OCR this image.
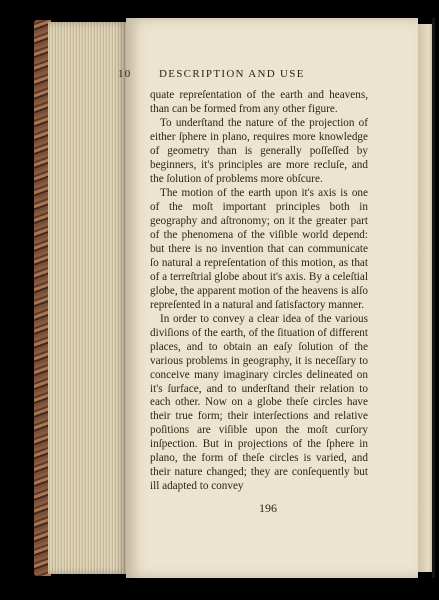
10 DESCRIPTION AND USE

quate repreſentation of the earth and heavens, than can be formed from any other figure.

To underſtand the nature of the projection of either ſphere in plano, requires more knowledge of geometry than is generally poſſeſſed by beginners, it's principles are more recluſe, and the ſolution of problems more obſcure.

The motion of the earth upon it's axis is one of the moſt important principles both in geography and aſtronomy; on it the greater part of the phenomena of the viſible world depend: but there is no invention that can communicate ſo natural a repreſentation of this motion, as that of a terreſtrial globe about it's axis. By a celeſtial globe, the apparent motion of the heavens is alſo repreſented in a natural and ſatisfactory manner.

In order to convey a clear idea of the various diviſions of the earth, of the ſituation of different places, and to obtain an eaſy ſolution of the various problems in geography, it is neceſſary to conceive many imaginary circles delineated on it's ſurface, and to underſtand their relation to each other. Now on a globe theſe circles have their true form; their interſections and relative poſitions are viſible upon the moſt curſory inſpection. But in projections of the ſphere in plano, the form of theſe circles is varied, and their nature changed; they are conſequently but ill adapted to convey

196
